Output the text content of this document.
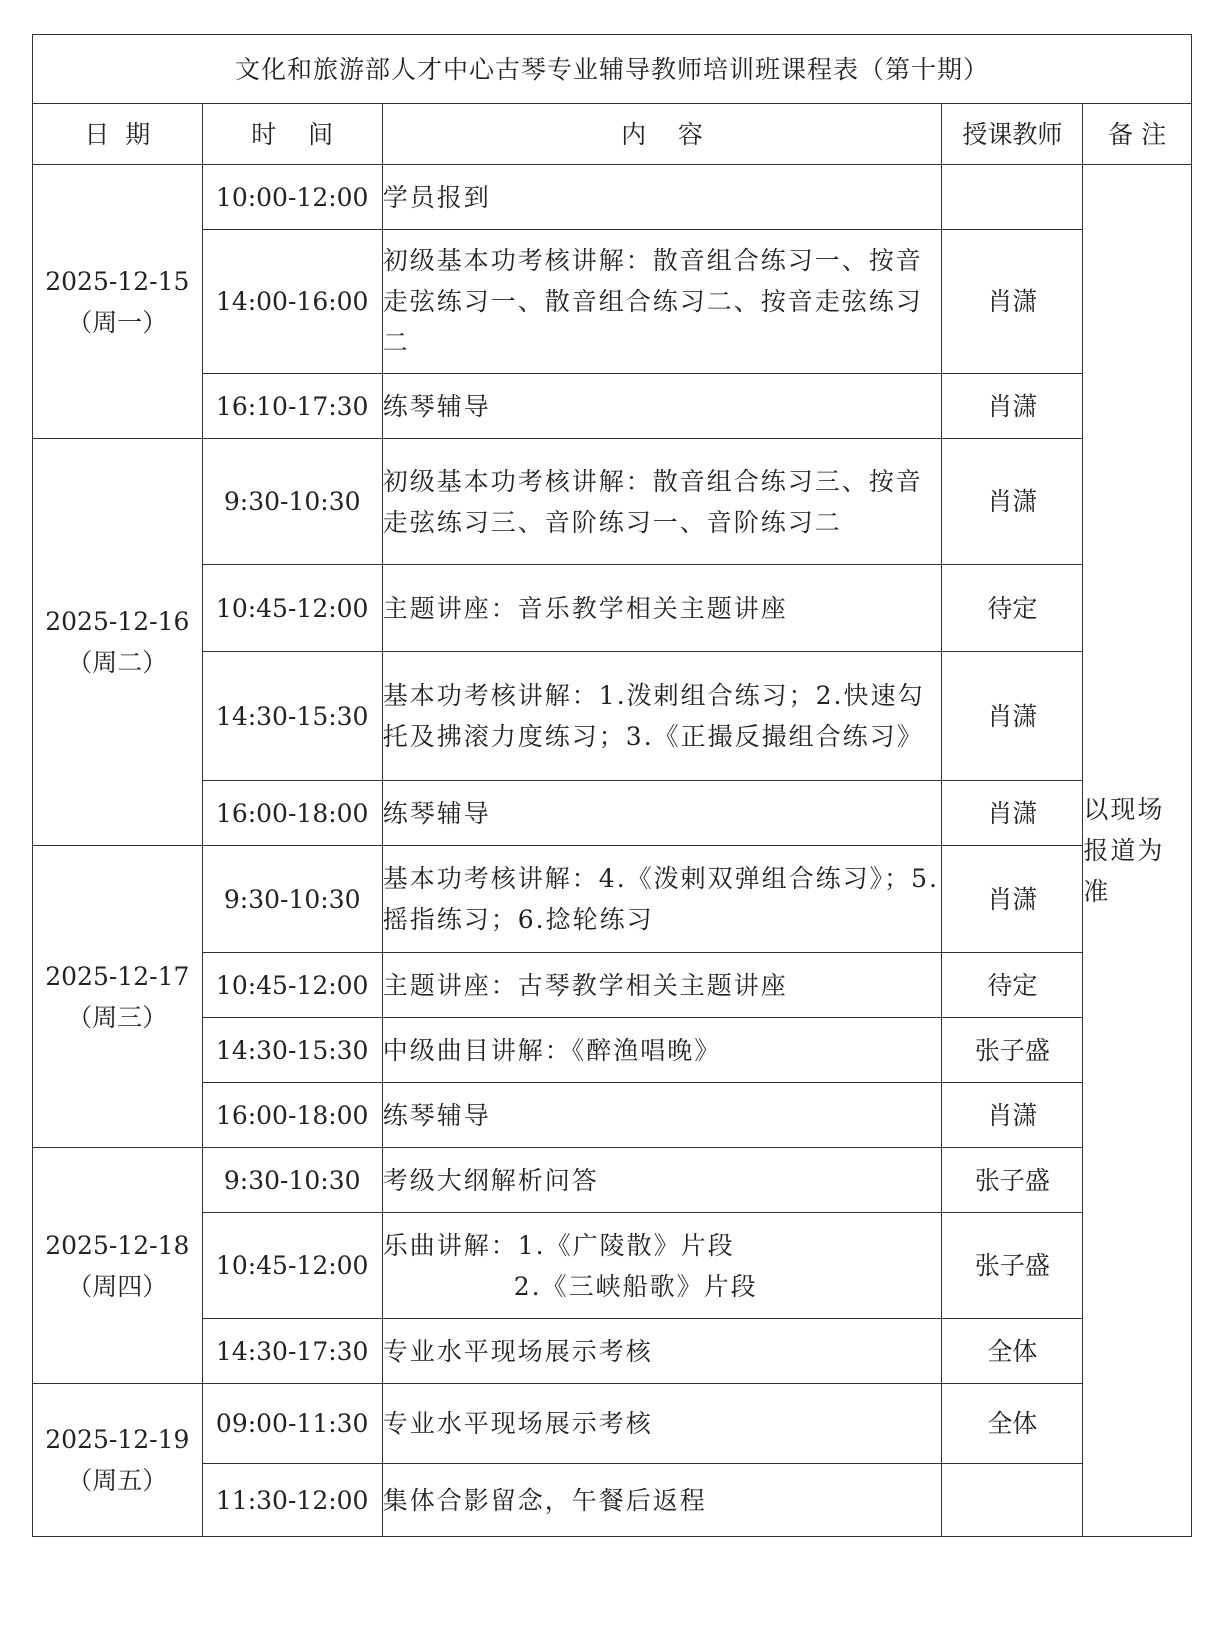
文化和旅游部人才中心古琴专业辅导教师培训班课程表（第十期）				
日  期	时    间	内    容	授课教师	备 注

2025-12-15
（周一）	10:00-12:00	学员报到		以现场报道为准
	14:00-16:00	初级基本功考核讲解：散音组合练习一、按音走弦练习一、散音组合练习二、按音走弦练习二	肖潇	
	16:10-17:30	练琴辅导	肖潇	

2025-12-16
（周二）	9:30-10:30	初级基本功考核讲解：散音组合练习三、按音走弦练习三、音阶练习一、音阶练习二	肖潇	
	10:45-12:00	主题讲座：音乐教学相关主题讲座	待定	
	14:30-15:30	基本功考核讲解：1.泼剌组合练习；2.快速勾托及拂滚力度练习；3.《正撮反撮组合练习》	肖潇	
	16:00-18:00	练琴辅导	肖潇	

2025-12-17
（周三）	9:30-10:30	基本功考核讲解：4.《泼剌双弹组合练习》；5.摇指练习；6.捻轮练习	肖潇	
	10:45-12:00	主题讲座：古琴教学相关主题讲座	待定	
	14:30-15:30	中级曲目讲解：《醉渔唱晚》	张子盛	
	16:00-18:00	练琴辅导	肖潇	

2025-12-18
（周四）	9:30-10:30	考级大纲解析问答	张子盛	
	10:45-12:00	乐曲讲解：1.《广陵散》片段
2.《三峡船歌》片段	张子盛	
	14:30-17:30	专业水平现场展示考核	全体	

2025-12-19
（周五）	09:00-11:30	专业水平现场展示考核	全体	
	11:30-12:00	集体合影留念，午餐后返程		
